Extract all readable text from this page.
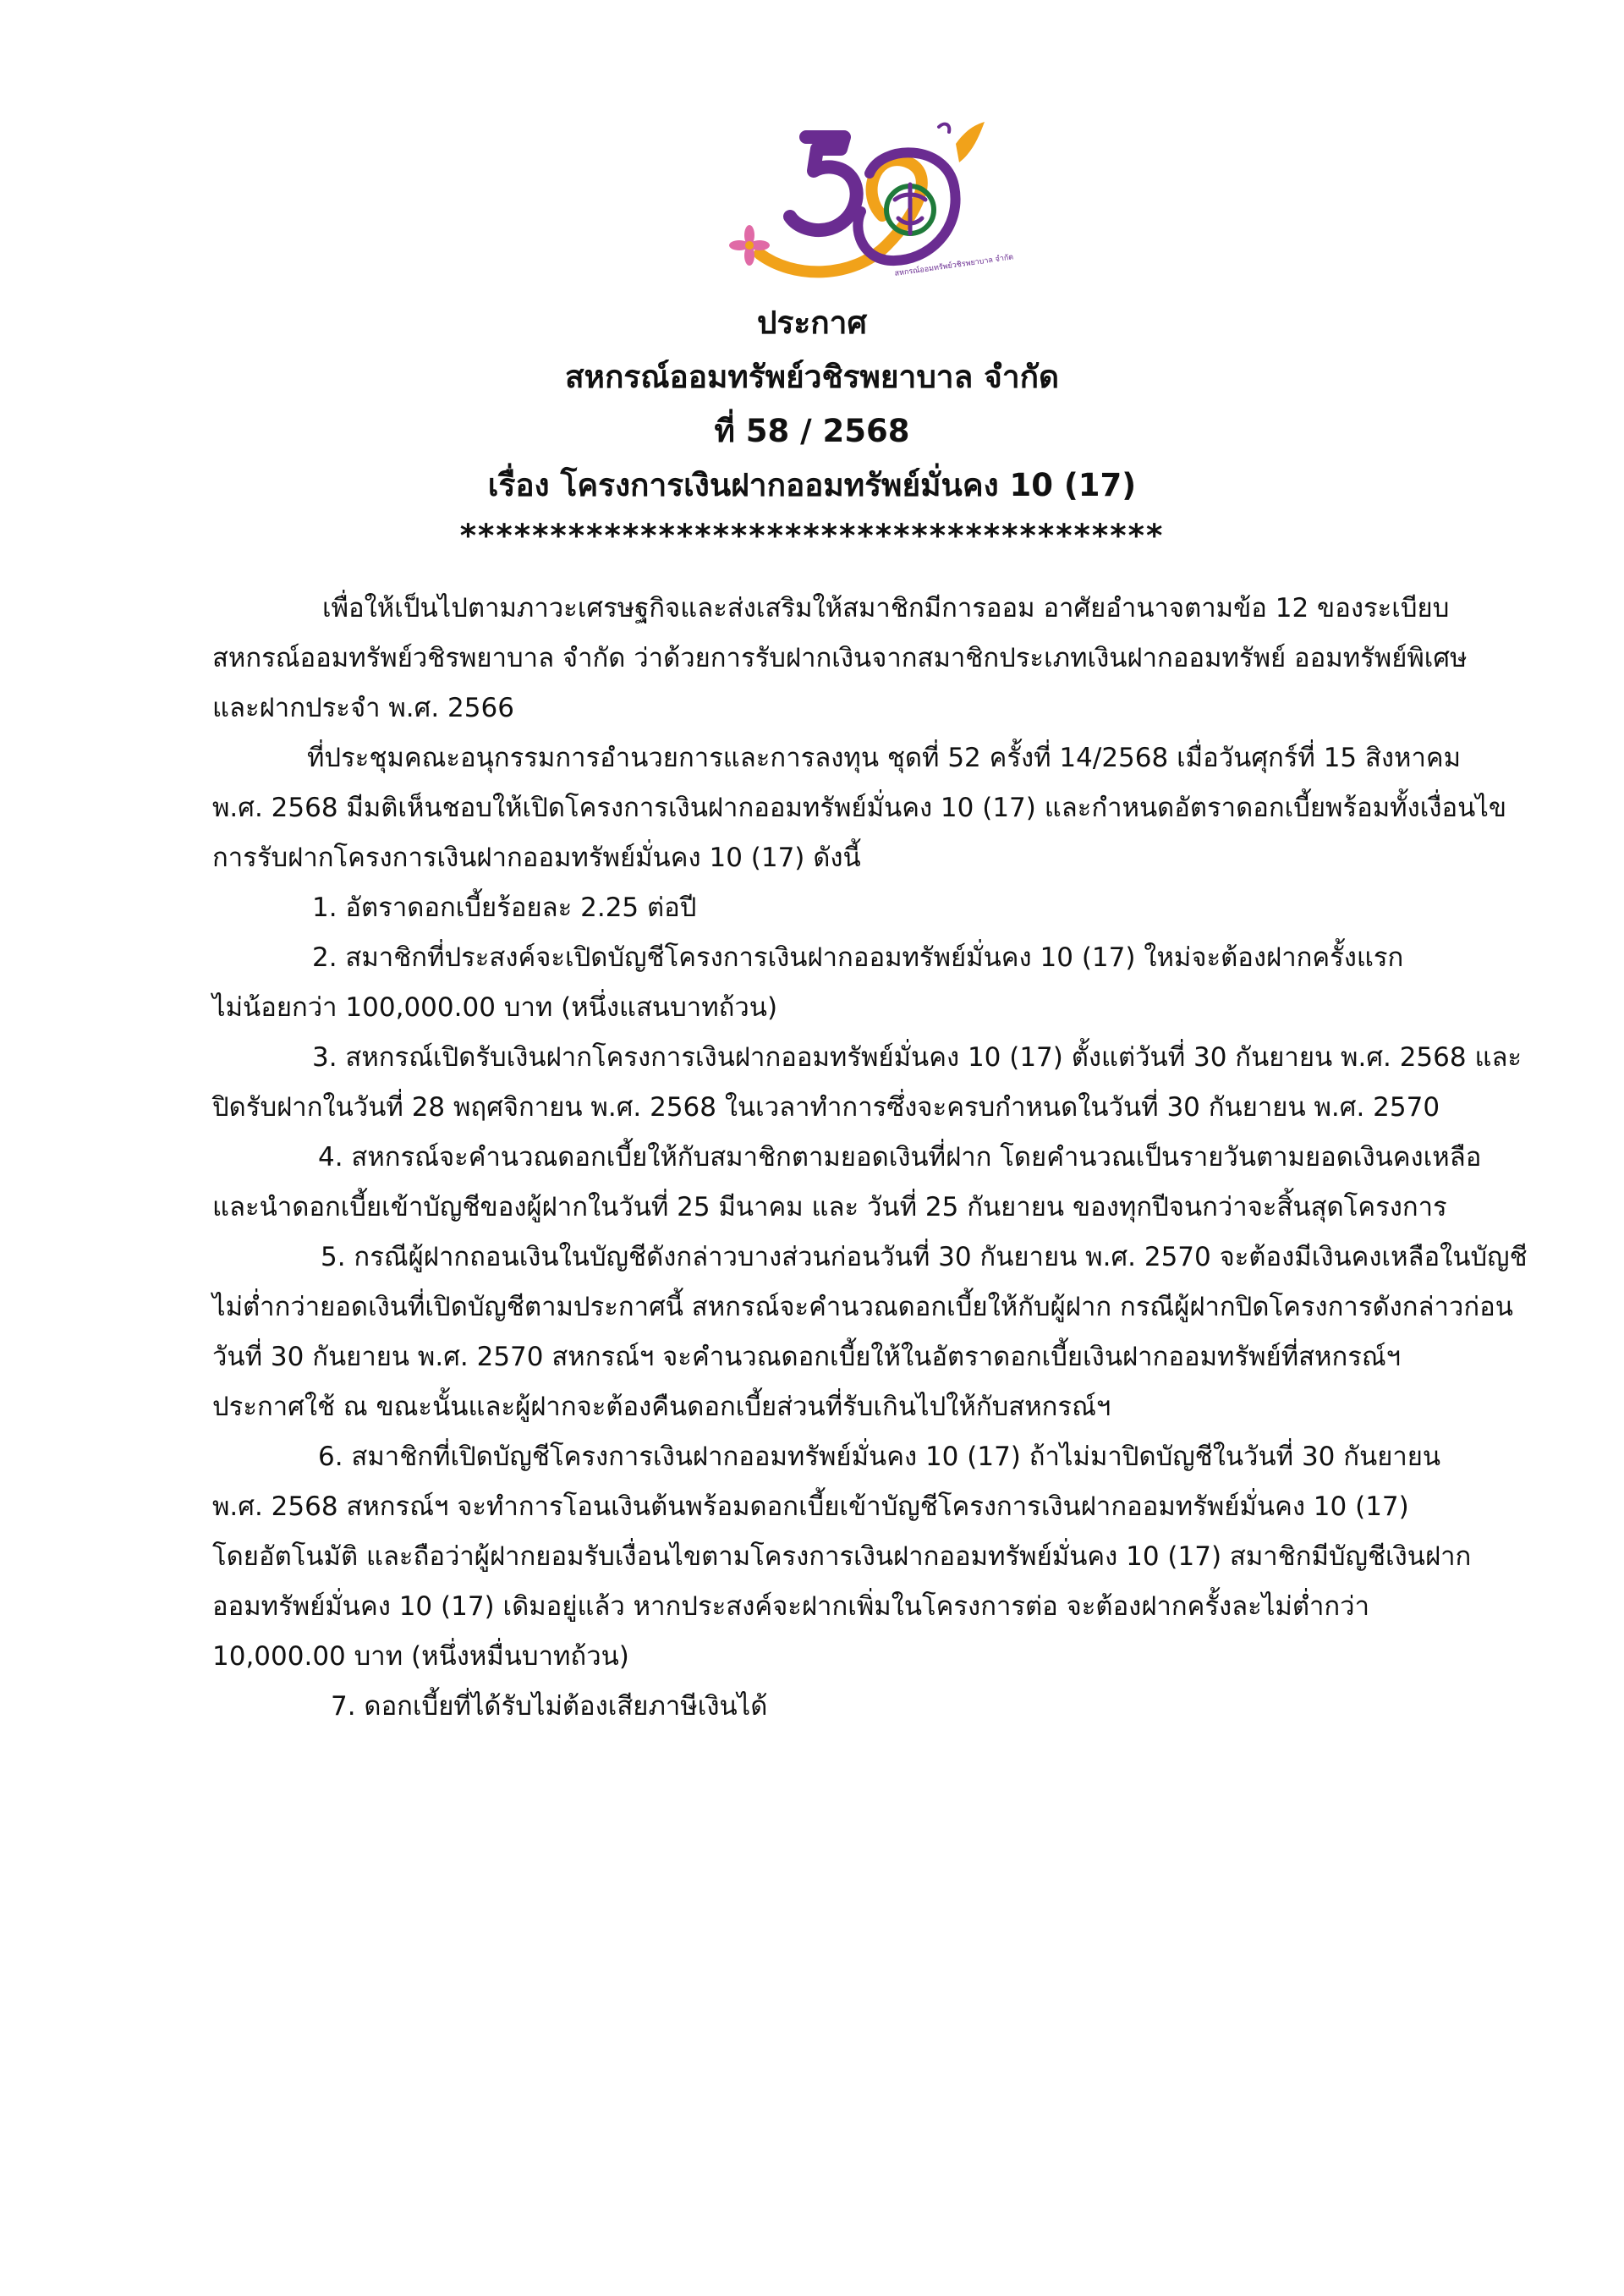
สหกรณ์ออมทรัพย์วชิรพยาบาล จำกัด
ประกาศ
สหกรณ์ออมทรัพย์วชิรพยาบาล จำกัด
ที่ 58 / 2568
เรื่อง โครงการเงินฝากออมทรัพย์มั่นคง 10 (17)
***************************************

เพื่อให้เป็นไปตามภาวะเศรษฐกิจและส่งเสริมให้สมาชิกมีการออม อาศัยอำนาจตามข้อ 12 ของระเบียบ

สหกรณ์ออมทรัพย์วชิรพยาบาล จำกัด ว่าด้วยการรับฝากเงินจากสมาชิกประเภทเงินฝากออมทรัพย์ ออมทรัพย์พิเศษ

และฝากประจำ พ.ศ. 2566

ที่ประชุมคณะอนุกรรมการอำนวยการและการลงทุน ชุดที่ 52 ครั้งที่ 14/2568 เมื่อวันศุกร์ที่ 15 สิงหาคม

พ.ศ. 2568 มีมติเห็นชอบให้เปิดโครงการเงินฝากออมทรัพย์มั่นคง 10 (17) และกำหนดอัตราดอกเบี้ยพร้อมทั้งเงื่อนไข

การรับฝากโครงการเงินฝากออมทรัพย์มั่นคง 10 (17) ดังนี้

1. อัตราดอกเบี้ยร้อยละ 2.25 ต่อปี

2. สมาชิกที่ประสงค์จะเปิดบัญชีโครงการเงินฝากออมทรัพย์มั่นคง 10 (17) ใหม่จะต้องฝากครั้งแรก

ไม่น้อยกว่า 100,000.00 บาท (หนึ่งแสนบาทถ้วน)

3. สหกรณ์เปิดรับเงินฝากโครงการเงินฝากออมทรัพย์มั่นคง 10 (17) ตั้งแต่วันที่ 30 กันยายน พ.ศ. 2568 และ

ปิดรับฝากในวันที่ 28 พฤศจิกายน พ.ศ. 2568 ในเวลาทำการซึ่งจะครบกำหนดในวันที่ 30 กันยายน พ.ศ. 2570

4. สหกรณ์จะคำนวณดอกเบี้ยให้กับสมาชิกตามยอดเงินที่ฝาก โดยคำนวณเป็นรายวันตามยอดเงินคงเหลือ

และนำดอกเบี้ยเข้าบัญชีของผู้ฝากในวันที่ 25 มีนาคม และ วันที่ 25 กันยายน ของทุกปีจนกว่าจะสิ้นสุดโครงการ

5. กรณีผู้ฝากถอนเงินในบัญชีดังกล่าวบางส่วนก่อนวันที่ 30 กันยายน พ.ศ. 2570 จะต้องมีเงินคงเหลือในบัญชี

ไม่ต่ำกว่ายอดเงินที่เปิดบัญชีตามประกาศนี้ สหกรณ์จะคำนวณดอกเบี้ยให้กับผู้ฝาก กรณีผู้ฝากปิดโครงการดังกล่าวก่อน

วันที่ 30 กันยายน พ.ศ. 2570 สหกรณ์ฯ จะคำนวณดอกเบี้ยให้ในอัตราดอกเบี้ยเงินฝากออมทรัพย์ที่สหกรณ์ฯ

ประกาศใช้ ณ ขณะนั้นและผู้ฝากจะต้องคืนดอกเบี้ยส่วนที่รับเกินไปให้กับสหกรณ์ฯ

6. สมาชิกที่เปิดบัญชีโครงการเงินฝากออมทรัพย์มั่นคง 10 (17) ถ้าไม่มาปิดบัญชีในวันที่ 30 กันยายน

พ.ศ. 2568 สหกรณ์ฯ จะทำการโอนเงินต้นพร้อมดอกเบี้ยเข้าบัญชีโครงการเงินฝากออมทรัพย์มั่นคง 10 (17)

โดยอัตโนมัติ และถือว่าผู้ฝากยอมรับเงื่อนไขตามโครงการเงินฝากออมทรัพย์มั่นคง 10 (17) สมาชิกมีบัญชีเงินฝาก

ออมทรัพย์มั่นคง 10 (17) เดิมอยู่แล้ว หากประสงค์จะฝากเพิ่มในโครงการต่อ จะต้องฝากครั้งละไม่ต่ำกว่า

10,000.00 บาท (หนึ่งหมื่นบาทถ้วน)

7. ดอกเบี้ยที่ได้รับไม่ต้องเสียภาษีเงินได้
